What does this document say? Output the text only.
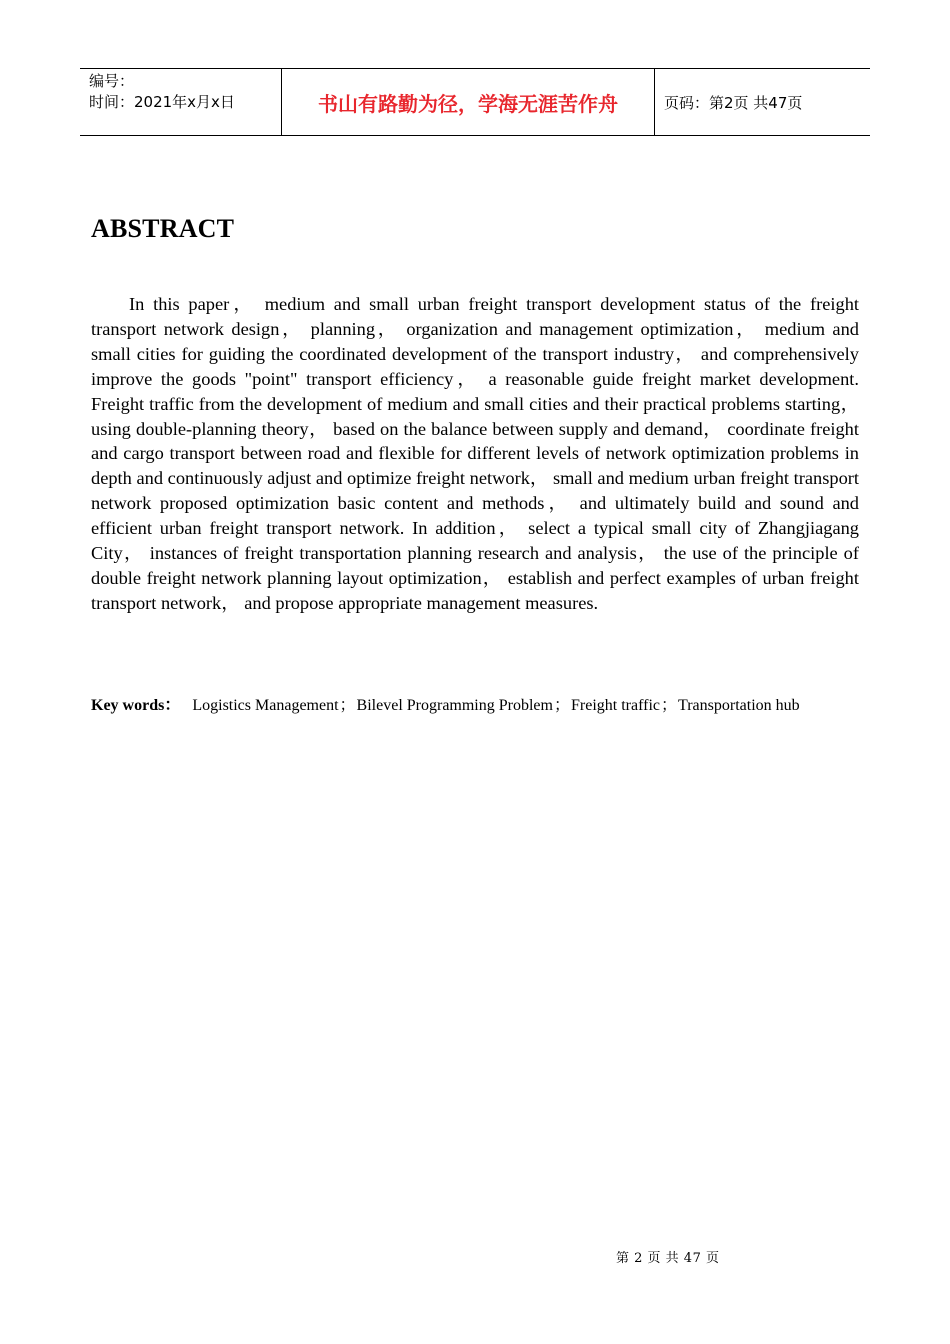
编号：
时间：2021年x月x日	书山有路勤为径，学海无涯苦作舟	页码：第2页 共47页
ABSTRACT

In this paper， medium and small urban freight transport development status of the freight transport network design， planning， organization and management optimization， medium and small cities for guiding the coordinated development of the transport industry， and comprehensively improve the goods "point" transport efficiency， a reasonable guide freight market development. Freight traffic from the development of medium and small cities and their practical problems starting， using double-planning theory， based on the balance between supply and demand， coordinate freight and cargo transport between road and flexible for different levels of network optimization problems in depth and continuously adjust and optimize freight network， small and medium urban freight transport network proposed optimization basic content and methods， and ultimately build and sound and efficient urban freight transport network. In addition， select a typical small city of Zhangjiagang City， instances of freight transportation planning research and analysis， the use of the principle of double freight network planning layout optimization， establish and perfect examples of urban freight transport network， and propose appropriate management measures.

Key words： Logistics Management；Bilevel Programming Problem；Freight traffic；Transportation hub
第 2 页 共 47 页
